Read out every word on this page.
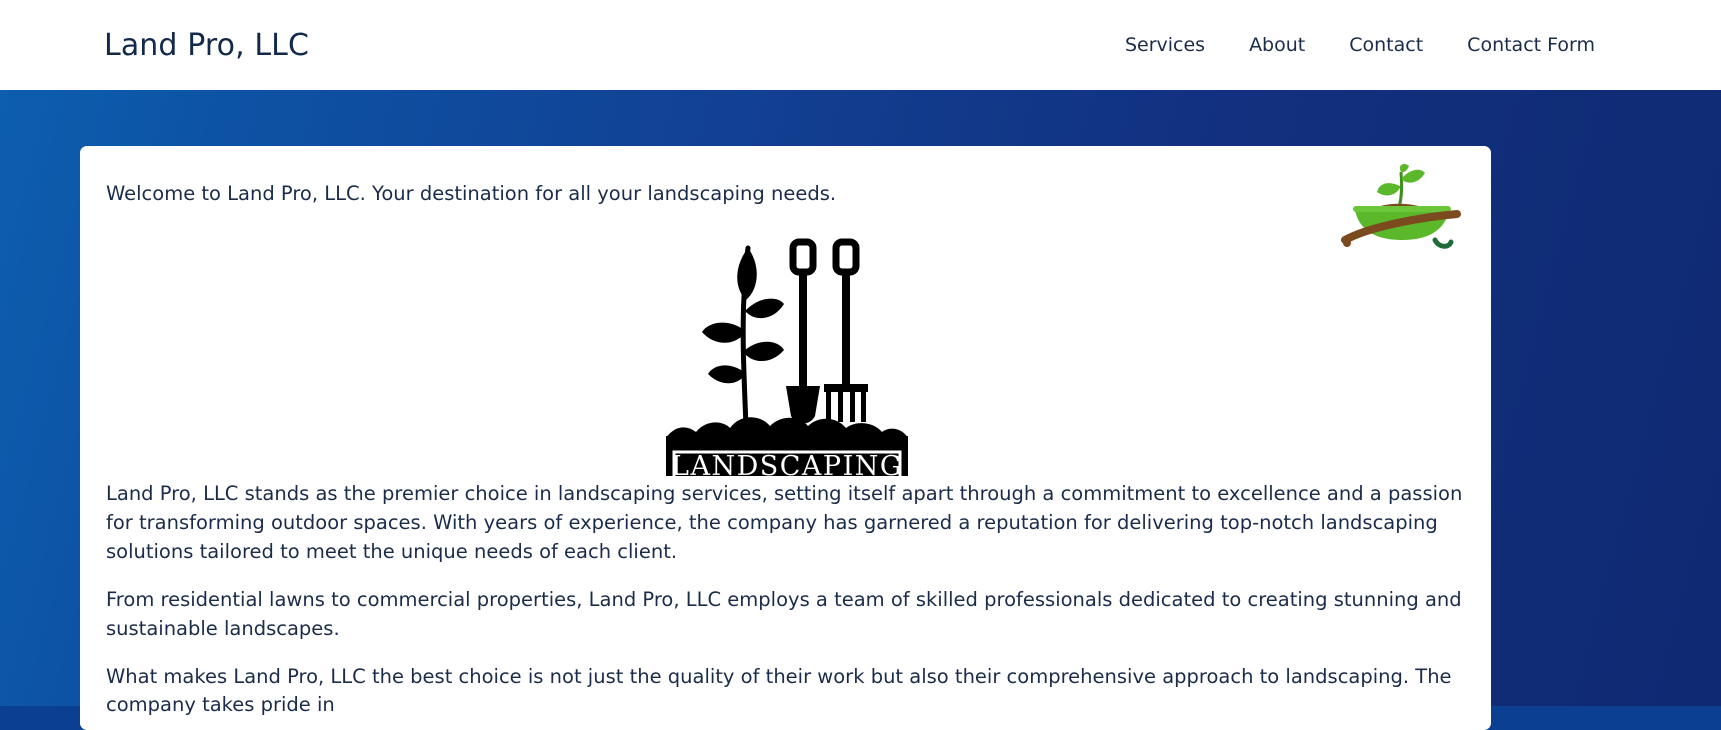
Land Pro, LLC	Services	About	Contact	Contact Form

Welcome to Land Pro, LLC. Your destination for all your landscaping needs.

LANDSCAPING

Land Pro, LLC stands as the premier choice in landscaping services, setting itself apart through a commitment to excellence and a passion for transforming outdoor spaces. With years of experience, the company has garnered a reputation for delivering top-notch landscaping solutions tailored to meet the unique needs of each client.

From residential lawns to commercial properties, Land Pro, LLC employs a team of skilled professionals dedicated to creating stunning and sustainable landscapes.

What makes Land Pro, LLC the best choice is not just the quality of their work but also their comprehensive approach to landscaping. The company takes pride in
